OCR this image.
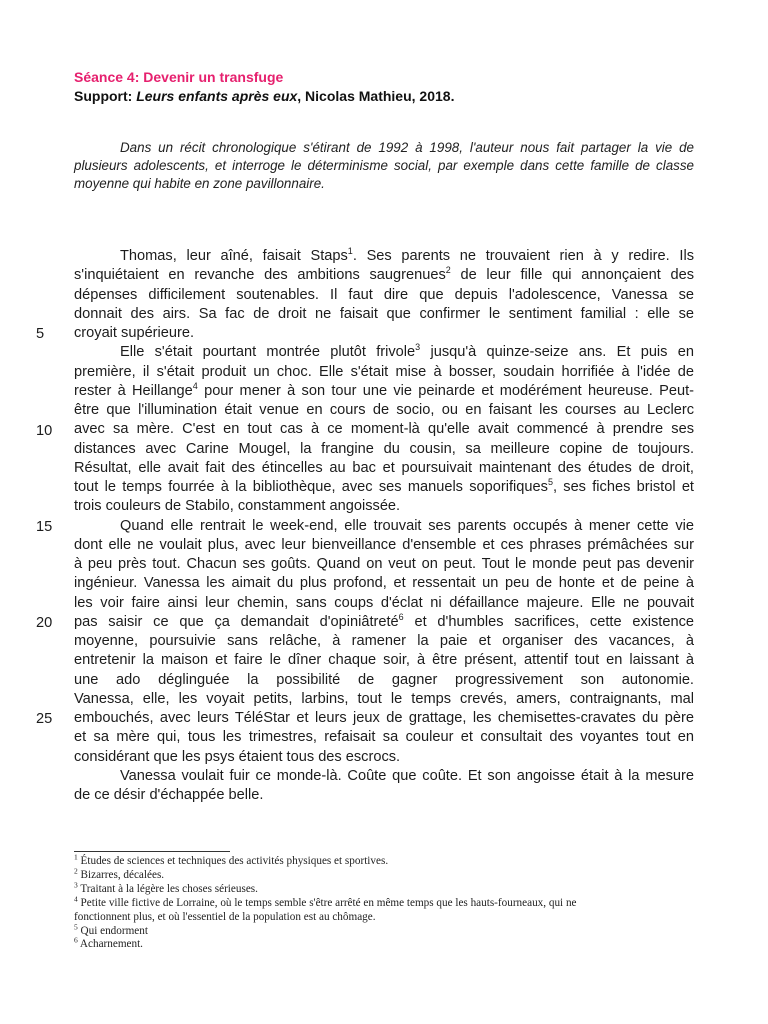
Séance 4: Devenir un transfuge
Support: Leurs enfants après eux, Nicolas Mathieu, 2018.
Dans un récit chronologique s'étirant de 1992 à 1998, l'auteur nous fait partager la vie de
plusieurs adolescents, et interroge le déterminisme social, par exemple dans cette famille de classe
moyenne qui habite en zone pavillonnaire.
Thomas, leur aîné, faisait Staps$^1$. Ses parents ne trouvaient rien à y redire. Ils
s'inquiétaient en revanche des ambitions saugrenues$^2$ de leur fille qui annonçaient des
dépenses difficilement soutenables. Il faut dire que depuis l'adolescence, Vanessa se
donnait des airs. Sa fac de droit ne faisait que confirmer le sentiment familial : elle se
croyait supérieure.
Elle s'était pourtant montrée plutôt frivole$^3$ jusqu'à quinze-seize ans. Et puis en
première, il s'était produit un choc. Elle s'était mise à bosser, soudain horrifiée à l'idée de
rester à Heillange$^4$ pour mener à son tour une vie peinarde et modérément heureuse. Peut-
être que l'illumination était venue en cours de socio, ou en faisant les courses au Leclerc
avec sa mère. C'est en tout cas à ce moment-là qu'elle avait commencé à prendre ses
distances avec Carine Mougel, la frangine du cousin, sa meilleure copine de toujours.
Résultat, elle avait fait des étincelles au bac et poursuivait maintenant des études de droit,
tout le temps fourrée à la bibliothèque, avec ses manuels soporifiques$^5$, ses fiches bristol et
trois couleurs de Stabilo, constamment angoissée.
Quand elle rentrait le week-end, elle trouvait ses parents occupés à mener cette vie
dont elle ne voulait plus, avec leur bienveillance d'ensemble et ces phrases prémâchées sur
à peu près tout. Chacun ses goûts. Quand on veut on peut. Tout le monde peut pas devenir
ingénieur. Vanessa les aimait du plus profond, et ressentait un peu de honte et de peine à
les voir faire ainsi leur chemin, sans coups d'éclat ni défaillance majeure. Elle ne pouvait
pas saisir ce que ça demandait d'opiniâtreté$^6$ et d'humbles sacrifices, cette existence
moyenne, poursuivie sans relâche, à ramener la paie et organiser des vacances, à
entretenir la maison et faire le dîner chaque soir, à être présent, attentif tout en laissant à
une ado déglinguée la possibilité de gagner progressivement son autonomie.
Vanessa, elle, les voyait petits, larbins, tout le temps crevés, amers, contraignants, mal
embouchés, avec leurs TéléStar et leurs jeux de grattage, les chemisettes-cravates du père
et sa mère qui, tous les trimestres, refaisait sa couleur et consultait des voyantes tout en
considérant que les psys étaient tous des escrocs.
Vanessa voulait fuir ce monde-là. Coûte que coûte. Et son angoisse était à la mesure
de ce désir d'échappée belle.
5
10
15
20
25
$^1$ Études de sciences et techniques des activités physiques et sportives.
$^2$ Bizarres, décalées.
$^3$ Traitant à la légère les choses sérieuses.
$^4$ Petite ville fictive de Lorraine, où le temps semble s'être arrêté en même temps que les hauts-fourneaux, qui ne
fonctionnent plus, et où l'essentiel de la population est au chômage.
$^5$ Qui endorment
$^6$ Acharnement.
